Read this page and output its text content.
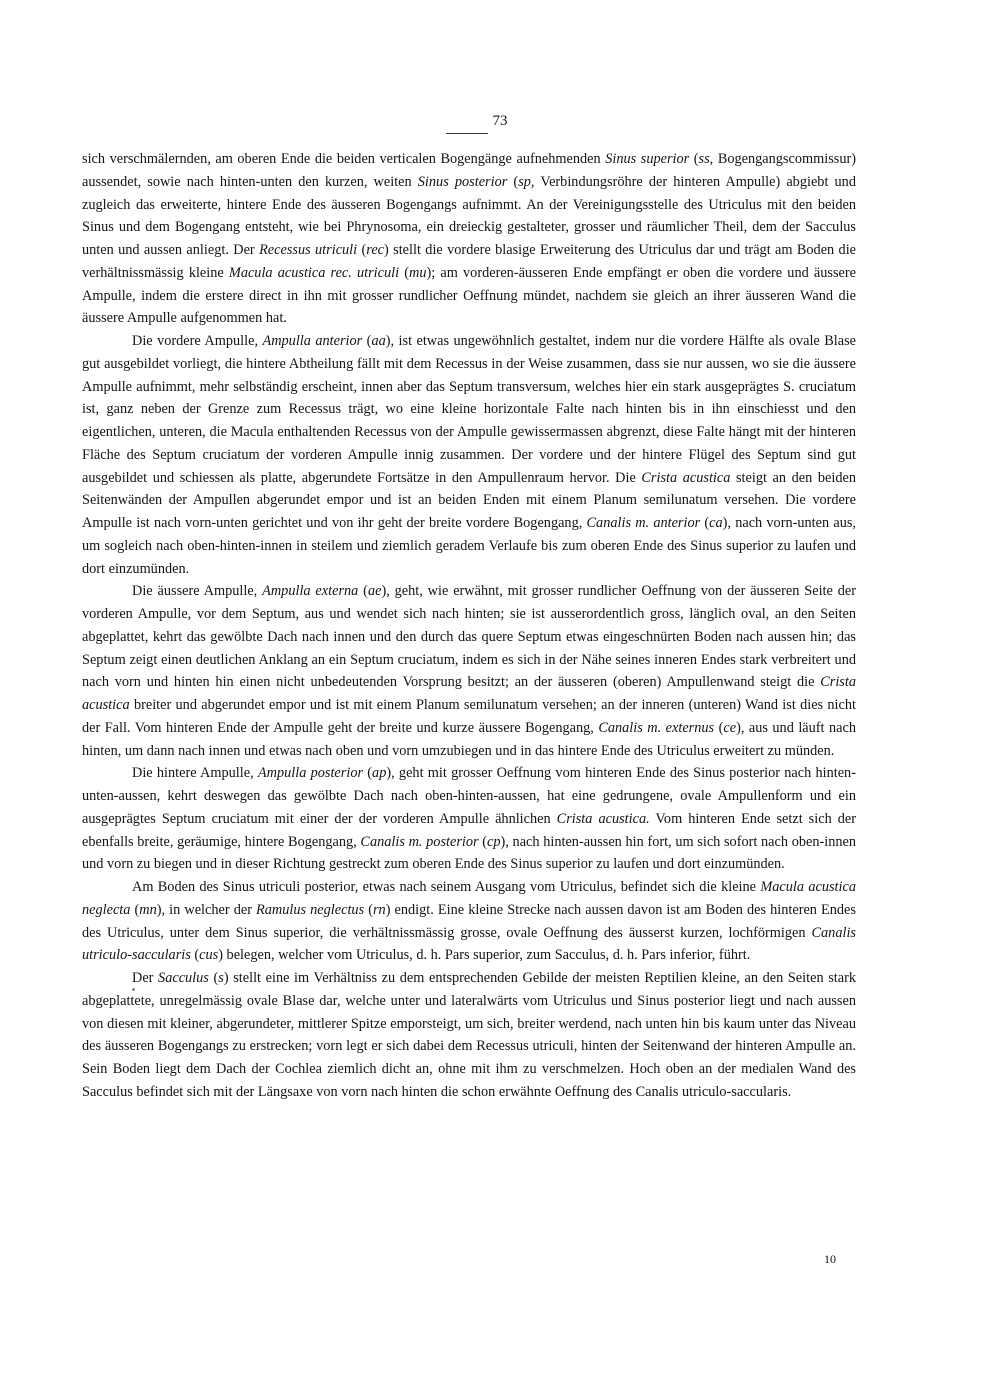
73

sich verschmälernden, am oberen Ende die beiden verticalen Bogengänge aufnehmenden Sinus superior (ss, Bogengangscommissur) aussendet, sowie nach hinten-unten den kurzen, weiten Sinus posterior (sp, Verbindungsröhre der hinteren Ampulle) abgiebt und zugleich das erweiterte, hintere Ende des äusseren Bogengangs aufnimmt. An der Vereinigungsstelle des Utriculus mit den beiden Sinus und dem Bogengang entsteht, wie bei Phrynosoma, ein dreieckig gestalteter, grosser und räumlicher Theil, dem der Sacculus unten und aussen anliegt. Der Recessus utriculi (rec) stellt die vordere blasige Erweiterung des Utriculus dar und trägt am Boden die verhältnissmässig kleine Macula acustica rec. utriculi (mu); am vorderen-äusseren Ende empfängt er oben die vordere und äussere Ampulle, indem die erstere direct in ihn mit grosser rundlicher Oeffnung mündet, nachdem sie gleich an ihrer äusseren Wand die äussere Ampulle aufgenommen hat.

Die vordere Ampulle, Ampulla anterior (aa), ist etwas ungewöhnlich gestaltet, indem nur die vordere Hälfte als ovale Blase gut ausgebildet vorliegt, die hintere Abtheilung fällt mit dem Recessus in der Weise zusammen, dass sie nur aussen, wo sie die äussere Ampulle aufnimmt, mehr selbständig erscheint, innen aber das Septum transversum, welches hier ein stark ausgeprägtes S. cruciatum ist, ganz neben der Grenze zum Recessus trägt, wo eine kleine horizontale Falte nach hinten bis in ihn einschiesst und den eigentlichen, unteren, die Macula enthaltenden Recessus von der Ampulle gewissermassen abgrenzt, diese Falte hängt mit der hinteren Fläche des Septum cruciatum der vorderen Ampulle innig zusammen. Der vordere und der hintere Flügel des Septum sind gut ausgebildet und schiessen als platte, abgerundete Fortsätze in den Ampullenraum hervor. Die Crista acustica steigt an den beiden Seitenwänden der Ampullen abgerundet empor und ist an beiden Enden mit einem Planum semilunatum versehen. Die vordere Ampulle ist nach vorn-unten gerichtet und von ihr geht der breite vordere Bogengang, Canalis m. anterior (ca), nach vorn-unten aus, um sogleich nach oben-hinten-innen in steilem und ziemlich geradem Verlaufe bis zum oberen Ende des Sinus superior zu laufen und dort einzumünden.

Die äussere Ampulle, Ampulla externa (ae), geht, wie erwähnt, mit grosser rundlicher Oeffnung von der äusseren Seite der vorderen Ampulle, vor dem Septum, aus und wendet sich nach hinten; sie ist ausserordentlich gross, länglich oval, an den Seiten abgeplattet, kehrt das gewölbte Dach nach innen und den durch das quere Septum etwas eingeschnürten Boden nach aussen hin; das Septum zeigt einen deutlichen Anklang an ein Septum cruciatum, indem es sich in der Nähe seines inneren Endes stark verbreitert und nach vorn und hinten hin einen nicht unbedeutenden Vorsprung besitzt; an der äusseren (oberen) Ampullenwand steigt die Crista acustica breiter und abgerundet empor und ist mit einem Planum semilunatum versehen; an der inneren (unteren) Wand ist dies nicht der Fall. Vom hinteren Ende der Ampulle geht der breite und kurze äussere Bogengang, Canalis m. externus (ce), aus und läuft nach hinten, um dann nach innen und etwas nach oben und vorn umzubiegen und in das hintere Ende des Utriculus erweitert zu münden.

Die hintere Ampulle, Ampulla posterior (ap), geht mit grosser Oeffnung vom hinteren Ende des Sinus posterior nach hinten-unten-aussen, kehrt deswegen das gewölbte Dach nach oben-hinten-aussen, hat eine gedrungene, ovale Ampullenform und ein ausgeprägtes Septum cruciatum mit einer der der vorderen Ampulle ähnlichen Crista acustica. Vom hinteren Ende setzt sich der ebenfalls breite, geräumige, hintere Bogengang, Canalis m. posterior (cp), nach hinten-aussen hin fort, um sich sofort nach oben-innen und vorn zu biegen und in dieser Richtung gestreckt zum oberen Ende des Sinus superior zu laufen und dort einzumünden.

Am Boden des Sinus utriculi posterior, etwas nach seinem Ausgang vom Utriculus, befindet sich die kleine Macula acustica neglecta (mn), in welcher der Ramulus neglectus (rn) endigt. Eine kleine Strecke nach aussen davon ist am Boden des hinteren Endes des Utriculus, unter dem Sinus superior, die verhältnissmässig grosse, ovale Oeffnung des äusserst kurzen, lochförmigen Canalis utriculo-saccularis (cus) belegen, welcher vom Utriculus, d. h. Pars superior, zum Sacculus, d. h. Pars inferior, führt.

Der Sacculus (s) stellt eine im Verhältniss zu dem entsprechenden Gebilde der meisten Reptilien kleine, an den Seiten stark abgeplattete, unregelmässig ovale Blase dar, welche unter und lateralwärts vom Utriculus und Sinus posterior liegt und nach aussen von diesen mit kleiner, abgerundeter, mittlerer Spitze emporsteigt, um sich, breiter werdend, nach unten hin bis kaum unter das Niveau des äusseren Bogengangs zu erstrecken; vorn legt er sich dabei dem Recessus utriculi, hinten der Seitenwand der hinteren Ampulle an. Sein Boden liegt dem Dach der Cochlea ziemlich dicht an, ohne mit ihm zu verschmelzen. Hoch oben an der medialen Wand des Sacculus befindet sich mit der Längsaxe von vorn nach hinten die schon erwähnte Oeffnung des Canalis utriculo-saccularis.

10
